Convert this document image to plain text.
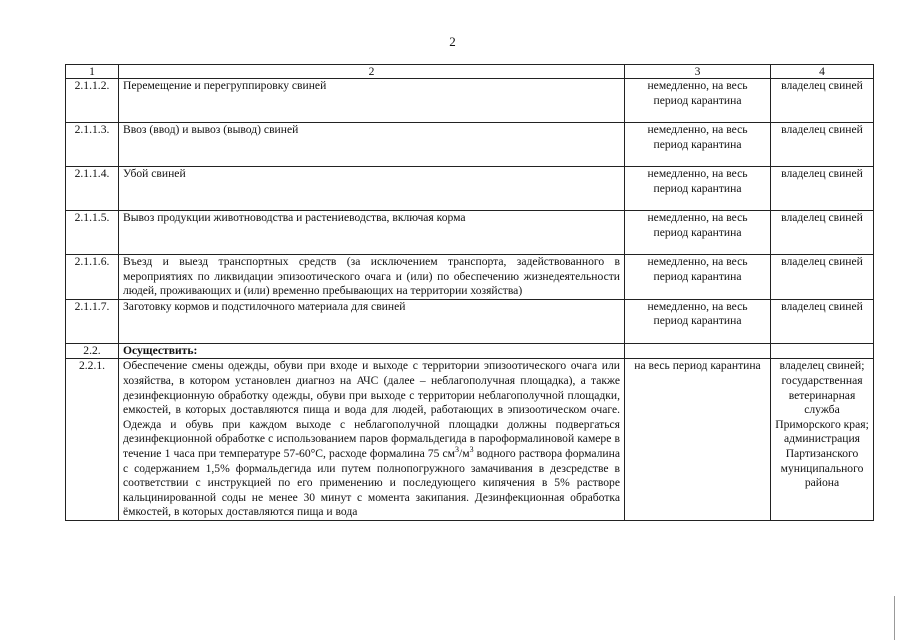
2
1	2	3	4
2.1.1.2.	Перемещение и перегруппировку свиней	немедленно, на весь период карантина	владелец свиней
2.1.1.3.	Ввоз (ввод) и вывоз (вывод) свиней	немедленно, на весь период карантина	владелец свиней
2.1.1.4.	Убой свиней	немедленно, на весь период карантина	владелец свиней
2.1.1.5.	Вывоз продукции животноводства и растениеводства, включая корма	немедленно, на весь период карантина	владелец свиней
2.1.1.6.	Въезд и выезд транспортных средств (за исключением транспорта, задействованного в мероприятиях по ликвидации эпизоотического очага и (или) по обеспечению жизнедеятельности людей, проживающих и (или) временно пребывающих на территории хозяйства)	немедленно, на весь период карантина	владелец свиней
2.1.1.7.	Заготовку кормов и подстилочного материала для свиней	немедленно, на весь период карантина	владелец свиней
2.2.	Осуществить:		
2.2.1.	Обеспечение смены одежды, обуви при входе и выходе с территории эпизоотического очага или хозяйства, в котором установлен диагноз на АЧС (далее – неблагополучная площадка), а также дезинфекционную обработку одежды, обуви при выходе с территории неблагополучной площадки, емкостей, в которых доставляются пища и вода для людей, работающих в эпизоотическом очаге. Одежда и обувь при каждом выходе с неблагополучной площадки должны подвергаться дезинфекционной обработке с использованием паров формальдегида в пароформалиновой камере в течение 1 часа при температуре 57-60°С, расходе формалина 75 $см^3/м^3$ водного раствора формалина с содержанием 1,5% формальдегида или путем полнопогружного замачивания в дезсредстве в соответствии с инструкцией по его применению и последующего кипячения в 5% растворе кальцинированной соды не менее 30 минут с момента закипания. Дезинфекционная обработка ёмкостей, в которых доставляются пища и вода	на весь период карантина	владелец свиней; государственная ветеринарная служба Приморского края; администрация Партизанского муниципального района
